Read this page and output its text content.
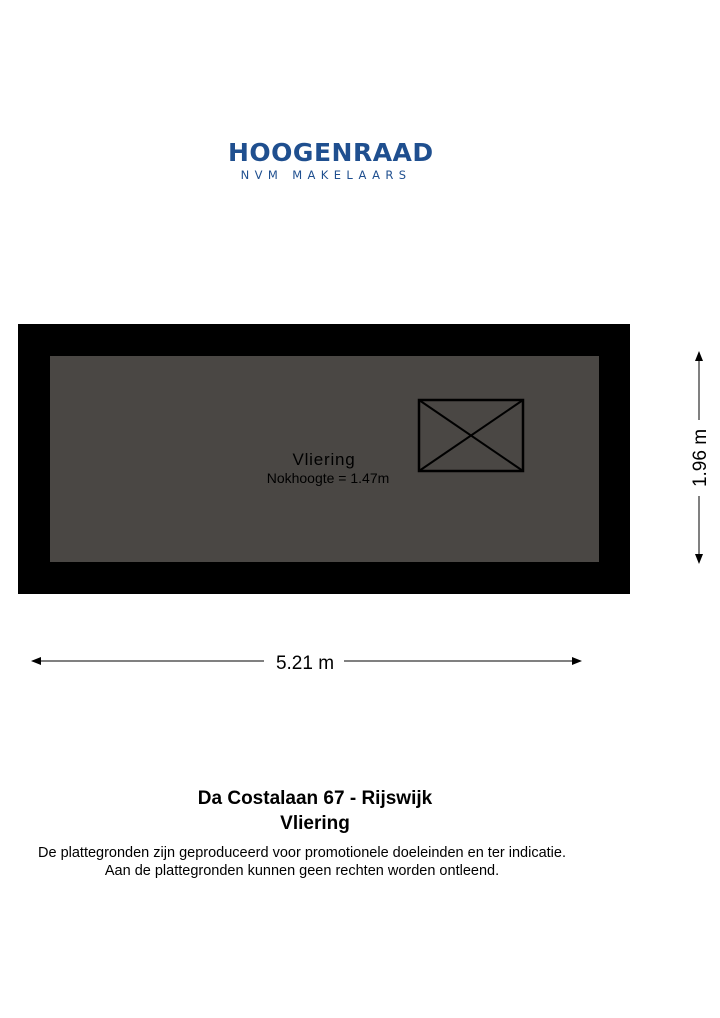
HOOGENRAAD
NVM MAKELAARS
Vliering
Nokhoogte = 1.47m
5.21 m
1.96 m
Da Costalaan 67 - Rijswijk
Vliering
De plattegronden zijn geproduceerd voor promotionele doeleinden en ter indicatie.
Aan de plattegronden kunnen geen rechten worden ontleend.
